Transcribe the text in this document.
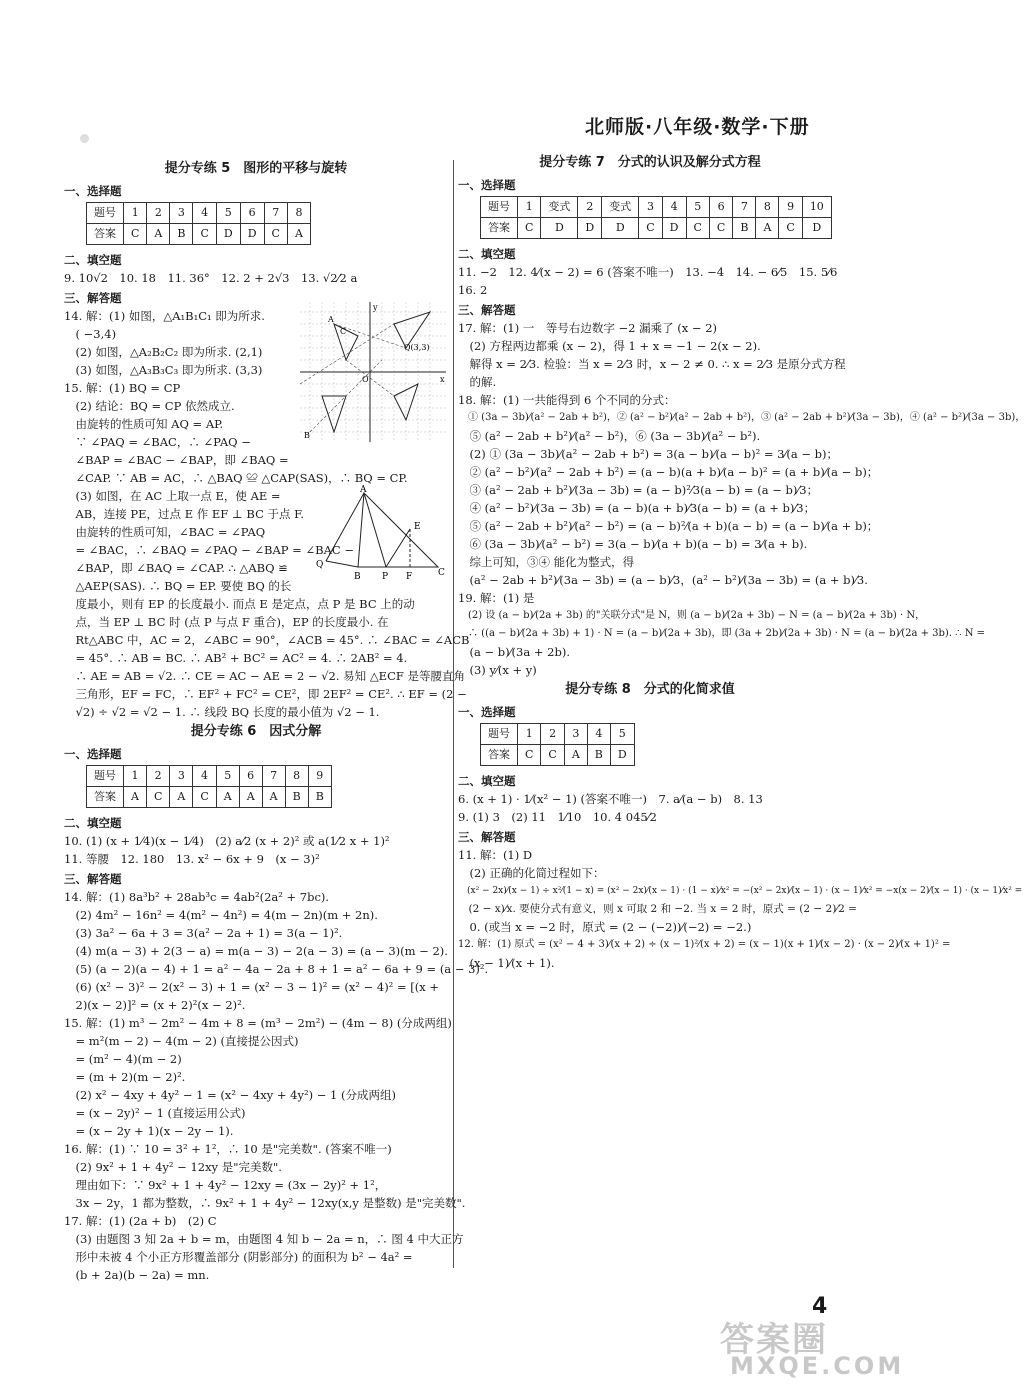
北师版·八年级·数学·下册
提分专练 5　图形的平移与旋转
一、选择题
题号	1	2	3	4	5	6	7	8
答案	C	A	B	C	D	D	C	A
二、填空题
9. 10√2　10. 18　11. 36°　12. 2 + 2√3　13. √2⁄2 a
三、解答题
14. 解：(1) 如图，△A₁B₁C₁ 即为所求.
　( −3,4)
　(2) 如图，△A₂B₂C₂ 即为所求. (2,1)
　(3) 如图，△A₃B₃C₃ 即为所求. (3,3)
15. 解：(1) BQ = CP
　(2) 结论：BQ = CP 依然成立.
　由旋转的性质可知 AQ = AP.
　∵ ∠PAQ = ∠BAC，∴ ∠PAQ −
　∠BAP = ∠BAC − ∠BAP，即 ∠BAQ =
　∠CAP. ∵ AB = AC，∴ △BAQ ≌ △CAP(SAS)，∴ BQ = CP.
　(3) 如图，在 AC 上取一点 E，使 AE =
　AB，连接 PE，过点 E 作 EF ⊥ BC 于点 F.
　由旋转的性质可知，∠BAC = ∠PAQ
　= ∠BAC，∴ ∠BAQ = ∠PAQ − ∠BAP = ∠BAC −
　∠BAP，即 ∠BAQ = ∠CAP. ∴ △ABQ ≌
　△AEP(SAS). ∴ BQ = EP. 要使 BQ 的长
　度最小，则有 EP 的长度最小. 而点 E 是定点，点 P 是 BC 上的动
　点，当 EP ⊥ BC 时 (点 P 与点 F 重合)，EP 的长度最小. 在
　Rt△ABC 中，AC = 2，∠ABC = 90°，∠ACB = 45°. ∴ ∠BAC = ∠ACB
　= 45°. ∴ AB = BC. ∴ AB² + BC² = AC² = 4. ∴ 2AB² = 4.
　∴ AE = AB = √2. ∴ CE = AC − AE = 2 − √2. 易知 △ECF 是等腰直角
　三角形，EF = FC，∴ EF² + FC² = CE²，即 2EF² = CE². ∴ EF = (2 −
　√2) ÷ √2 = √2 − 1. ∴ 线段 BQ 长度的最小值为 √2 − 1.
提分专练 6　因式分解
一、选择题
题号	1	2	3	4	5	6	7	8	9
答案	A	C	A	C	A	A	A	B	B
二、填空题
10. (1) (x + 1⁄4)(x − 1⁄4)　(2) a⁄2 (x + 2)² 或 a(1⁄2 x + 1)²
11. 等腰　12. 180　13. x² − 6x + 9　(x − 3)²
三、解答题
14. 解：(1) 8a³b² + 28ab³c = 4ab²(2a² + 7bc).
　(2) 4m² − 16n² = 4(m² − 4n²) = 4(m − 2n)(m + 2n).
　(3) 3a² − 6a + 3 = 3(a² − 2a + 1) = 3(a − 1)².
　(4) m(a − 3) + 2(3 − a) = m(a − 3) − 2(a − 3) = (a − 3)(m − 2).
　(5) (a − 2)(a − 4) + 1 = a² − 4a − 2a + 8 + 1 = a² − 6a + 9 = (a − 3)².
　(6) (x² − 3)² − 2(x² − 3) + 1 = (x² − 3 − 1)² = (x² − 4)² = [(x +
　2)(x − 2)]² = (x + 2)²(x − 2)².
15. 解：(1) m³ − 2m² − 4m + 8 = (m³ − 2m²) − (4m − 8) (分成两组)
　= m²(m − 2) − 4(m − 2) (直接提公因式)
　= (m² − 4)(m − 2)
　= (m + 2)(m − 2)².
　(2) x² − 4xy + 4y² − 1 = (x² − 4xy + 4y²) − 1 (分成两组)
　= (x − 2y)² − 1 (直接运用公式)
　= (x − 2y + 1)(x − 2y − 1).
16. 解：(1) ∵ 10 = 3² + 1²，∴ 10 是"完美数". (答案不唯一)
　(2) 9x² + 1 + 4y² − 12xy 是"完美数".
　理由如下：∵ 9x² + 1 + 4y² − 12xy = (3x − 2y)² + 1²，
　3x − 2y，1 都为整数，∴ 9x² + 1 + 4y² − 12xy(x,y 是整数) 是"完美数".
17. 解：(1) (2a + b)　(2) C
　(3) 由题图 3 知 2a + b = m，由题图 4 知 b − 2a = n，∴ 图 4 中大正方
　形中未被 4 个小正方形覆盖部分 (阴影部分) 的面积为 b² − 4a² =
　(b + 2a)(b − 2a) = mn.
A
B
C
Q(3,3)
x
y
O
A
B	C
E
F
P
Q
提分专练 7　分式的认识及解分式方程
一、选择题
题号	1	变式	2	变式	3	4	5	6	7	8	9	10
答案	C	D	D	D	C	D	C	C	B	A	C	D
二、填空题
11. −2　12. 4⁄(x − 2) = 6 (答案不唯一)　13. −4　14. − 6⁄5　15. 5⁄6
16. 2
三、解答题
17. 解：(1) 一　等号右边数字 −2 漏乘了 (x − 2)
　(2) 方程两边都乘 (x − 2)，得 1 + x = −1 − 2(x − 2).
　解得 x = 2⁄3. 检验：当 x = 2⁄3 时，x − 2 ≠ 0. ∴ x = 2⁄3 是原分式方程
　的解.
18. 解：(1) 一共能得到 6 个不同的分式：
　① (3a − 3b)⁄(a² − 2ab + b²)，② (a² − b²)⁄(a² − 2ab + b²)，③ (a² − 2ab + b²)⁄(3a − 3b)，④ (a² − b²)⁄(3a − 3b)，
　⑤ (a² − 2ab + b²)⁄(a² − b²)，⑥ (3a − 3b)⁄(a² − b²).
　(2) ① (3a − 3b)⁄(a² − 2ab + b²) = 3(a − b)⁄(a − b)² = 3⁄(a − b)；
　② (a² − b²)⁄(a² − 2ab + b²) = (a − b)(a + b)⁄(a − b)² = (a + b)⁄(a − b)；
　③ (a² − 2ab + b²)⁄(3a − 3b) = (a − b)²⁄3(a − b) = (a − b)⁄3；
　④ (a² − b²)⁄(3a − 3b) = (a − b)(a + b)⁄3(a − b) = (a + b)⁄3；
　⑤ (a² − 2ab + b²)⁄(a² − b²) = (a − b)²⁄(a + b)(a − b) = (a − b)⁄(a + b)；
　⑥ (3a − 3b)⁄(a² − b²) = 3(a − b)⁄(a + b)(a − b) = 3⁄(a + b).
　综上可知，③④ 能化为整式，得
　(a² − 2ab + b²)⁄(3a − 3b) = (a − b)⁄3，(a² − b²)⁄(3a − 3b) = (a + b)⁄3.
19. 解：(1) 是
　(2) 设 (a − b)⁄(2a + 3b) 的"关联分式"是 N，则 (a − b)⁄(2a + 3b) − N = (a − b)⁄(2a + 3b) · N，
　∴ ((a − b)⁄(2a + 3b) + 1) · N = (a − b)⁄(2a + 3b)，即 (3a + 2b)⁄(2a + 3b) · N = (a − b)⁄(2a + 3b). ∴ N =
　(a − b)⁄(3a + 2b).
　(3) y⁄(x + y)
提分专练 8　分式的化简求值
一、选择题
题号	1	2	3	4	5
答案	C	C	A	B	D
二、填空题
6. (x + 1) · 1⁄(x² − 1) (答案不唯一)　7. a⁄(a − b)　8. 13
9. (1) 3　(2) 11　1⁄10　10. 4 045⁄2
三、解答题
11. 解：(1) D
　(2) 正确的化简过程如下：
　(x² − 2x)⁄(x − 1) ÷ x²⁄(1 − x) = (x² − 2x)⁄(x − 1) · (1 − x)⁄x² = −(x² − 2x)⁄(x − 1) · (x − 1)⁄x² = −x(x − 2)⁄(x − 1) · (x − 1)⁄x² =
　(2 − x)⁄x. 要使分式有意义，则 x 可取 2 和 −2. 当 x = 2 时，原式 = (2 − 2)⁄2 =
　0. (或当 x = −2 时，原式 = (2 − (−2))⁄(−2) = −2.)
12. 解：(1) 原式 = (x² − 4 + 3)⁄(x + 2) ÷ (x − 1)²⁄(x + 2) = (x − 1)(x + 1)⁄(x − 2) · (x − 2)⁄(x + 1)² =
　(x − 1)⁄(x + 1).
4
答案圈
MXQE.COM
